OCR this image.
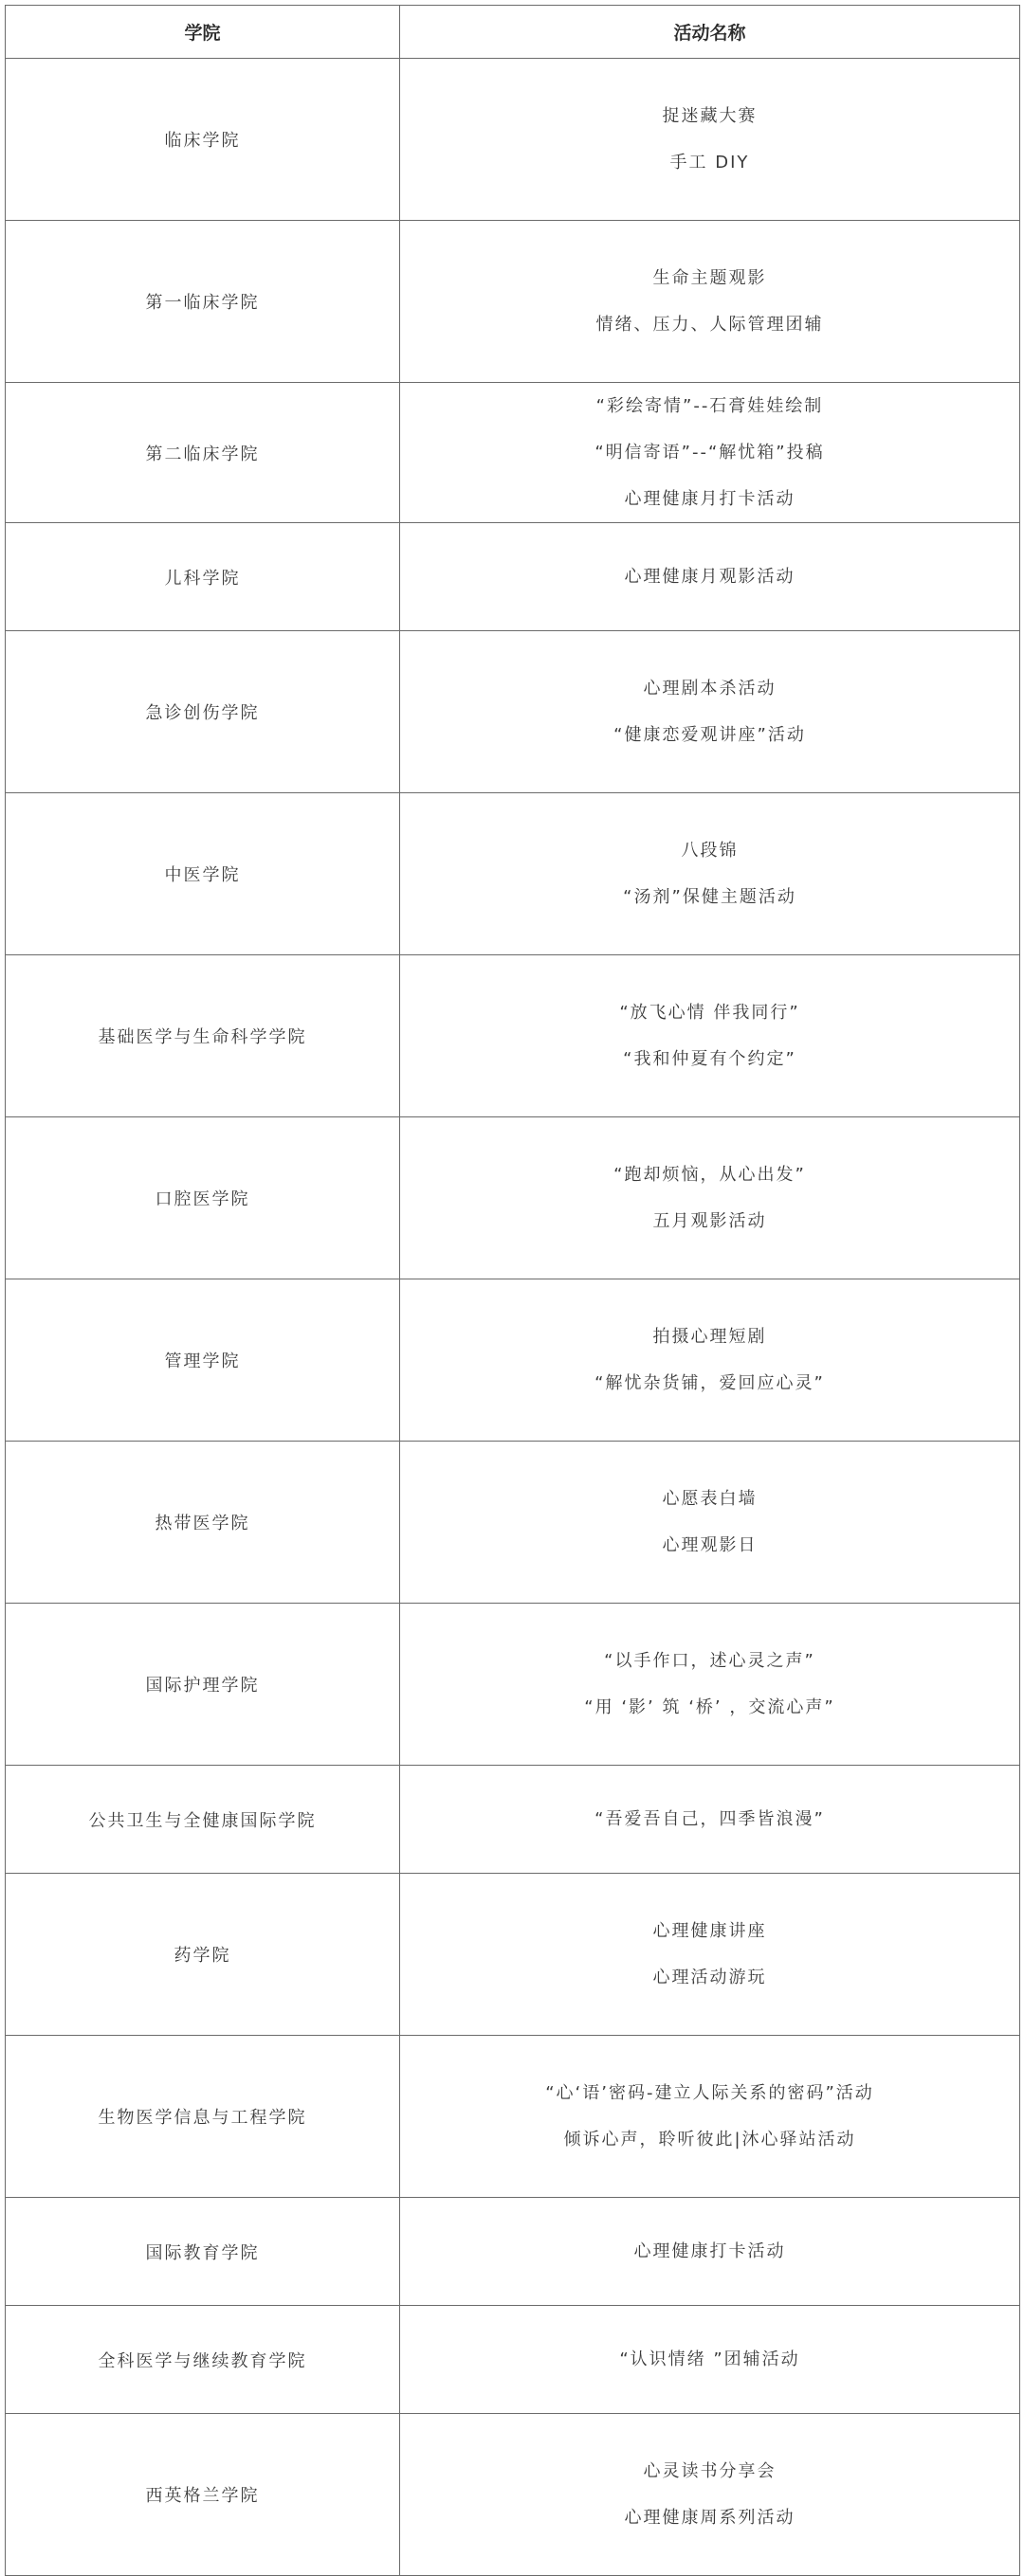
学院	活动名称
临床学院	捉迷藏大赛
手工 DIY

第一临床学院	生命主题观影
情绪、压力、人际管理团辅

第二临床学院	“彩绘寄情”--石膏娃娃绘制
“明信寄语”--“解忧箱”投稿
心理健康月打卡活动

儿科学院	心理健康月观影活动

急诊创伤学院	心理剧本杀活动
“健康恋爱观讲座”活动

中医学院	八段锦
“汤剂”保健主题活动

基础医学与生命科学学院	“放飞心情 伴我同行”
“我和仲夏有个约定”

口腔医学院	“跑却烦恼，从心出发”
五月观影活动

管理学院	拍摄心理短剧
“解忧杂货铺，爱回应心灵”

热带医学院	心愿表白墙
心理观影日

国际护理学院	“以手作口，述心灵之声”
“用 ‘影’ 筑 ‘桥’ ，交流心声”

公共卫生与全健康国际学院	“吾爱吾自己，四季皆浪漫”

药学院	心理健康讲座
心理活动游玩

生物医学信息与工程学院	“心‘语’密码-建立人际关系的密码”活动
倾诉心声，聆听彼此|沐心驿站活动

国际教育学院	心理健康打卡活动

全科医学与继续教育学院	“认识情绪 ”团辅活动

西英格兰学院	心灵读书分享会
心理健康周系列活动
